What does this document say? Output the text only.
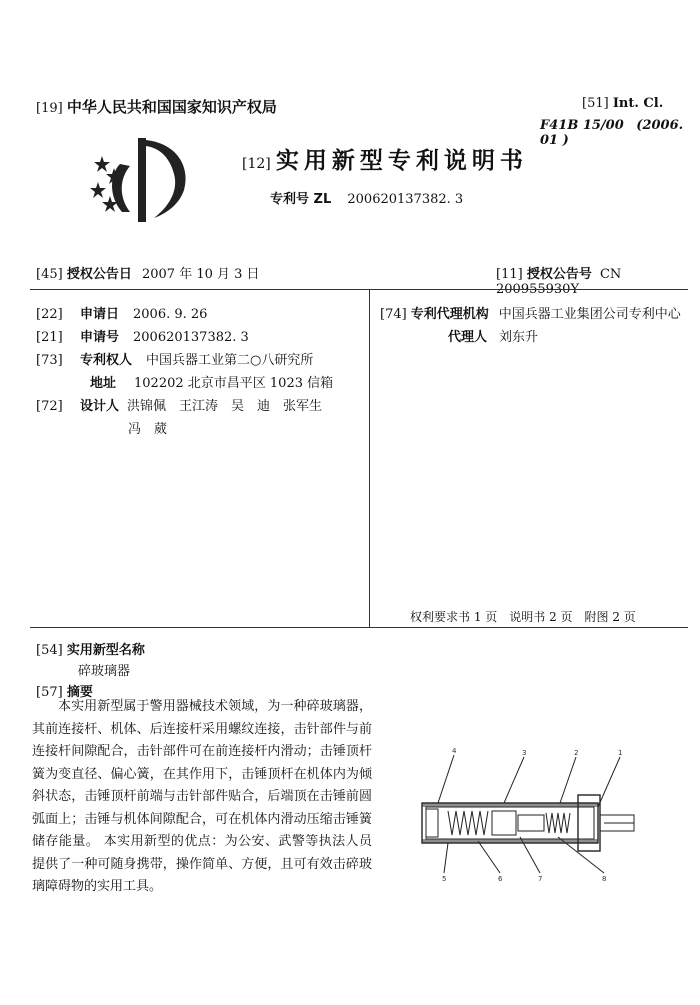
[19] 中华人民共和国国家知识产权局	[51] Int. Cl.
F41B 15/00 (2006. 01 )
[12] 实用新型专利说明书
专利号 ZL 200620137382. 3
[45] 授权公告日 2007 年 10 月 3 日	[11] 授权公告号 CN 200955930Y
[22]	申请日 2006. 9. 26
[21]	申请号 200620137382. 3
[73]	专利权人 中国兵器工业第二○八研究所
地址 102202 北京市昌平区 1023 信箱
[72]	设计人 洪锦佩　王江涛　吴　迪　张军生
冯　葳
[74] 专利代理机构 中国兵器工业集团公司专利中心
代理人 刘东升
权利要求书 1 页　说明书 2 页　附图 2 页
[54] 实用新型名称
碎玻璃器
[57] 摘要

本实用新型属于警用器械技术领域，为一种碎玻璃器，其前连接杆、机体、后连接杆采用螺纹连接，击针部件与前连接杆间隙配合，击针部件可在前连接杆内滑动；击锤顶杆簧为变直径、偏心簧，在其作用下，击锤顶杆在机体内为倾斜状态，击锤顶杆前端与击针部件贴合，后端顶在击锤前圆弧面上；击锤与机体间隙配合，可在机体内滑动压缩击锤簧储存能量。 本实用新型的优点：为公安、武警等执法人员提供了一种可随身携带，操作简单、方便，且可有效击碎玻璃障碍物的实用工具。

4	3	2	1
5	6	7	8
